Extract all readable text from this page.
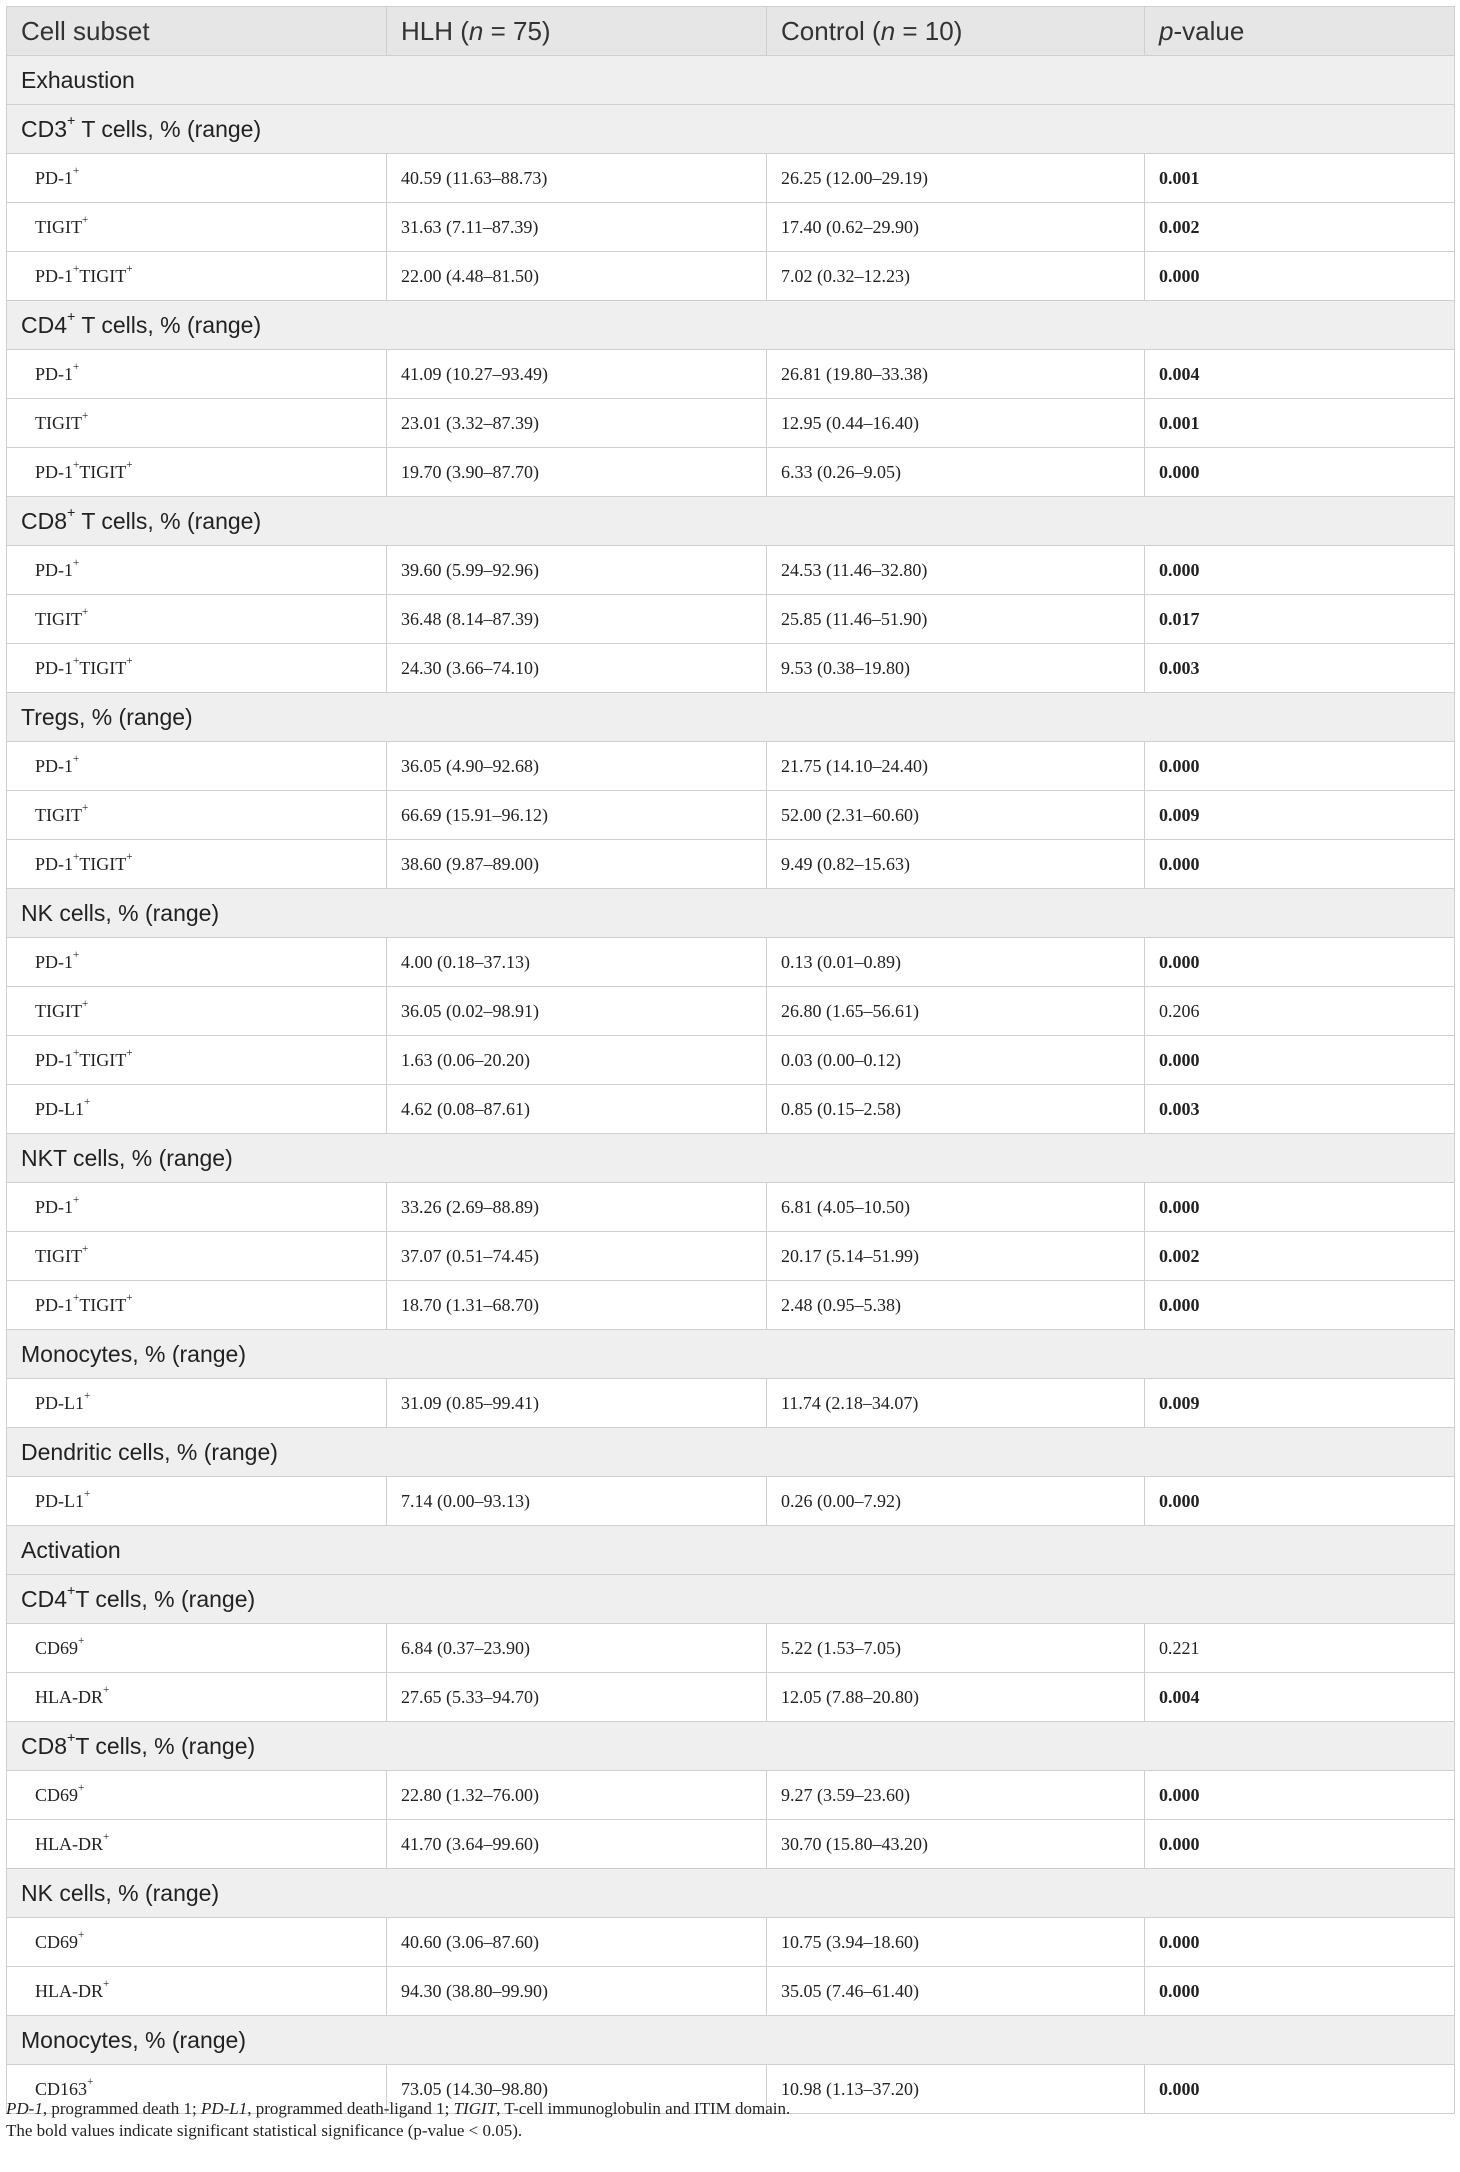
Cell subset	HLH (n = 75)	Control (n = 10)	p-value
Exhaustion			
CD3+ T cells, % (range)			
PD-1+	40.59 (11.63–88.73)	26.25 (12.00–29.19)	0.001
TIGIT+	31.63 (7.11–87.39)	17.40 (0.62–29.90)	0.002
PD-1+TIGIT+	22.00 (4.48–81.50)	7.02 (0.32–12.23)	0.000
CD4+ T cells, % (range)			
PD-1+	41.09 (10.27–93.49)	26.81 (19.80–33.38)	0.004
TIGIT+	23.01 (3.32–87.39)	12.95 (0.44–16.40)	0.001
PD-1+TIGIT+	19.70 (3.90–87.70)	6.33 (0.26–9.05)	0.000
CD8+ T cells, % (range)			
PD-1+	39.60 (5.99–92.96)	24.53 (11.46–32.80)	0.000
TIGIT+	36.48 (8.14–87.39)	25.85 (11.46–51.90)	0.017
PD-1+TIGIT+	24.30 (3.66–74.10)	9.53 (0.38–19.80)	0.003
Tregs, % (range)			
PD-1+	36.05 (4.90–92.68)	21.75 (14.10–24.40)	0.000
TIGIT+	66.69 (15.91–96.12)	52.00 (2.31–60.60)	0.009
PD-1+TIGIT+	38.60 (9.87–89.00)	9.49 (0.82–15.63)	0.000
NK cells, % (range)			
PD-1+	4.00 (0.18–37.13)	0.13 (0.01–0.89)	0.000
TIGIT+	36.05 (0.02–98.91)	26.80 (1.65–56.61)	0.206
PD-1+TIGIT+	1.63 (0.06–20.20)	0.03 (0.00–0.12)	0.000
PD-L1+	4.62 (0.08–87.61)	0.85 (0.15–2.58)	0.003
NKT cells, % (range)			
PD-1+	33.26 (2.69–88.89)	6.81 (4.05–10.50)	0.000
TIGIT+	37.07 (0.51–74.45)	20.17 (5.14–51.99)	0.002
PD-1+TIGIT+	18.70 (1.31–68.70)	2.48 (0.95–5.38)	0.000
Monocytes, % (range)			
PD-L1+	31.09 (0.85–99.41)	11.74 (2.18–34.07)	0.009
Dendritic cells, % (range)			
PD-L1+	7.14 (0.00–93.13)	0.26 (0.00–7.92)	0.000
Activation			
CD4+T cells, % (range)			
CD69+	6.84 (0.37–23.90)	5.22 (1.53–7.05)	0.221
HLA-DR+	27.65 (5.33–94.70)	12.05 (7.88–20.80)	0.004
CD8+T cells, % (range)			
CD69+	22.80 (1.32–76.00)	9.27 (3.59–23.60)	0.000
HLA-DR+	41.70 (3.64–99.60)	30.70 (15.80–43.20)	0.000
NK cells, % (range)			
CD69+	40.60 (3.06–87.60)	10.75 (3.94–18.60)	0.000
HLA-DR+	94.30 (38.80–99.90)	35.05 (7.46–61.40)	0.000
Monocytes, % (range)			
CD163+	73.05 (14.30–98.80)	10.98 (1.13–37.20)	0.000
PD-1, programmed death 1; PD-L1, programmed death-ligand 1; TIGIT, T-cell immunoglobulin and ITIM domain.
The bold values indicate significant statistical significance (p-value < 0.05).
